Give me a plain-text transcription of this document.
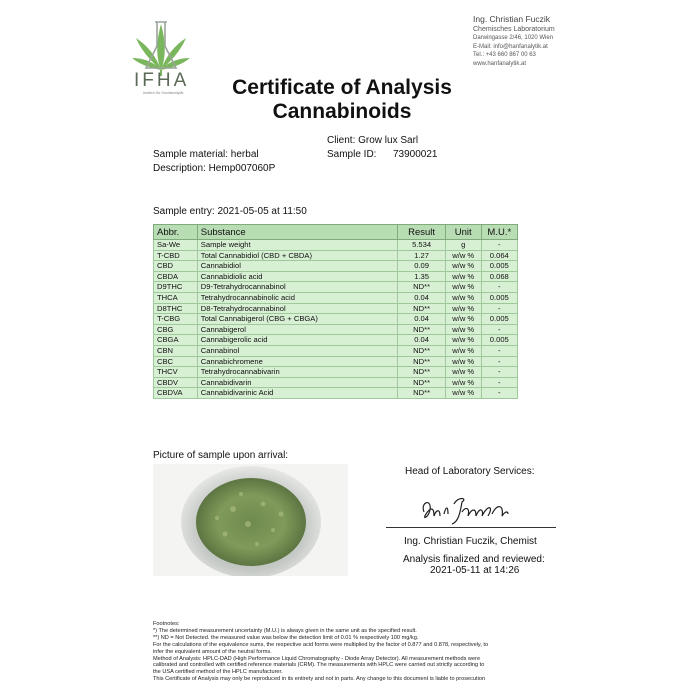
IFHA
institut für Hanfanalytik
Ing. Christian Fuczik
Chemisches Laboratorium
Darwingasse 2/46, 1020 Wien
E-Mail: info@hanfanalytik.at
Tel.: +43 660 867 00 63
www.hanfanalytik.at
Certificate of Analysis
Cannabinoids
Client: Grow lux Sarl
Sample material: herbal	Sample ID: 73900021
Description: Hemp007060P
Sample entry: 2021-05-05 at 11:50
Abbr.	Substance	Result	Unit	M.U.*
Sa-We	Sample weight	5.534	g	-
T-CBD	Total Cannabidiol (CBD + CBDA)	1.27	w/w %	0.064
CBD	Cannabidiol	0.09	w/w %	0.005
CBDA	Cannabidiolic acid	1.35	w/w %	0.068
D9THC	D9-Tetrahydrocannabinol	ND**	w/w %	-
THCA	Tetrahydrocannabinolic acid	0.04	w/w %	0.005
D8THC	D8-Tetrahydrocannabinol	ND**	w/w %	-
T-CBG	Total Cannabigerol (CBG + CBGA)	0.04	w/w %	0.005
CBG	Cannabigerol	ND**	w/w %	-
CBGA	Cannabigerolic acid	0.04	w/w %	0.005
CBN	Cannabinol	ND**	w/w %	-
CBC	Cannabichromene	ND**	w/w %	-
THCV	Tetrahydrocannabivarin	ND**	w/w %	-
CBDV	Cannabidivarin	ND**	w/w %	-
CBDVA	Cannabidivarinic Acid	ND**	w/w %	-
Picture of sample upon arrival:
Head of Laboratory Services:
Ing. Christian Fuczik, Chemist
Analysis finalized and reviewed:
2021-05-11 at 14:26
Footnotes:
*) The determined measurement uncertainty (M.U.) is always given in the same unit as the specified result.
**) ND = Not Detected. the measured value was below the detection limit of 0.01 % respectively 100 mg/kg.
For the calculations of the equivalence sums, the respective acid forms were multiplied by the factor of 0.877 and 0.878, respectively, to
infer the equivalent amount of the neutral forms.
Method of Analysis: HPLC-DAD (High Performance Liquid Chromatography - Diode Array Detector). All measurement methods were
calibrated and controlled with certified reference materials (CRM). The measurements with HPLC were carried out strictly according to
the USA certified method of the HPLC manufacturer.
This Certificate of Analysis may only be reproduced in its entirety and not in parts. Any change to this document is liable to prosecution
